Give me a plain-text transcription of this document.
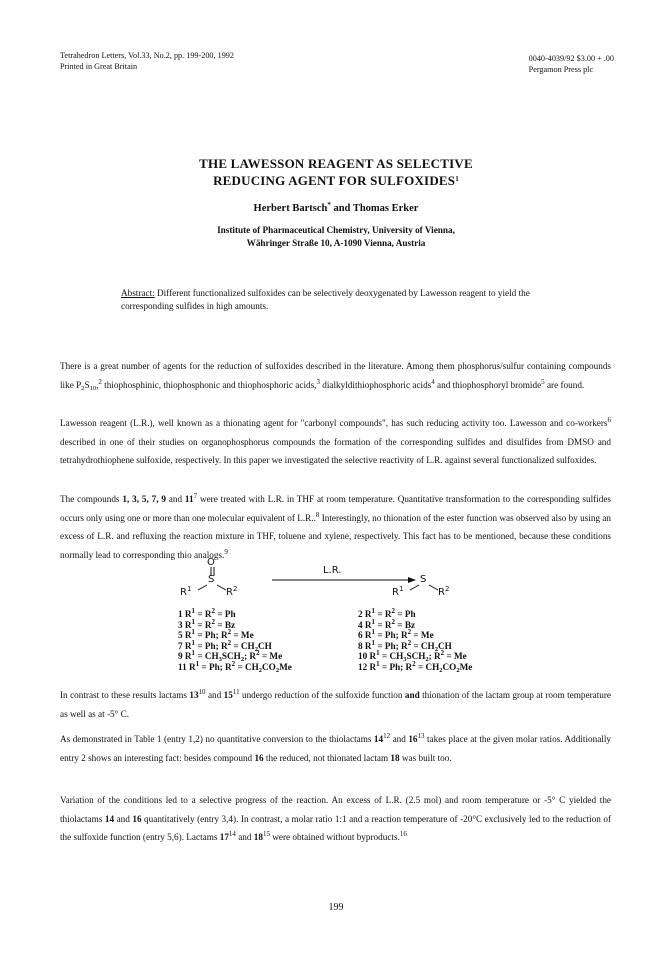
Tetrahedron Letters, Vol.33, No.2, pp. 199-200, 1992
Printed in Great Britain
0040-4039/92 $3.00 + .00
Pergamon Press plc
THE LAWESSON REAGENT AS SELECTIVE
REDUCING AGENT FOR SULFOXIDES$^1$
Herbert Bartsch* and Thomas Erker
Institute of Pharmaceutical Chemistry, University of Vienna,
Währinger Straße 10, A-1090 Vienna, Austria
Abstract: Different functionalized sulfoxides can be selectively deoxygenated by Lawesson reagent to yield the corresponding sulfides in high amounts.

There is a great number of agents for the reduction of sulfoxides described in the literature. Among them phosphorus/sulfur containing compounds like $P_2S_{10},^2$ thiophosphinic, thiophosphonic and thiophosphoric acids,$^3$ dialkyldithiophosphoric acids$^4$ and thiophosphoryl bromide$^5$ are found.

Lawesson reagent (L.R.), well known as a thionating agent for "carbonyl compounds", has such reducing activity too. Lawesson and co-workers$^6$ described in one of their studies on organophosphorus compounds the formation of the corresponding sulfides and disulfides from DMSO and tetrahydrothiophene sulfoxide, respectively. In this paper we investigated the selective reactivity of L.R. against several functionalized sulfoxides.

The compounds 1, 3, 5, 7, 9 and $11^7$ were treated with L.R. in THF at room temperature. Quantitative transformation to the corresponding sulfides occurs only using one or more than one molecular equivalent of L.R..$^8$ Interestingly, no thionation of the ester function was observed also by using an excess of L.R. and refluxing the reaction mixture in THF, toluene and xylene, respectively. This fact has to be mentioned, because these conditions normally lead to corresponding thio analogs.$^9$

O
S
$R^1$	$R^2$
L.R.
S
$R^1$	$R^2$
1 $R^1 = R^2 = Ph$
3 $R^1 = R^2 = Bz$
5 $R^1 = Ph$; $R^2 = Me$
7 $R^1 = Ph$; $R^2 = CH_2CH$
9 $R^1 = CH_3SCH_2$; $R^2 = Me$
11 $R^1 = Ph$; $R^2 = CH_2CO_2Me$
2 $R^1 = R^2 = Ph$
4 $R^1 = R^2 = Bz$
6 $R^1 = Ph$; $R^2 = Me$
8 $R^1 = Ph$; $R^2 = CH_2CH$
10 $R^1 = CH_3SCH_2$; $R^2 = Me$
12 $R^1 = Ph$; $R^2 = CH_2CO_2Me$

In contrast to these results lactams $13^{10}$ and $15^{11}$ undergo reduction of the sulfoxide function and thionation of the lactam group at room temperature as well as at -5° C.

As demonstrated in Table 1 (entry 1,2) no quantitative conversion to the thiolactams $14^{12}$ and $16^{13}$ takes place at the given molar ratios. Additionally entry 2 shows an interesting fact: besides compound 16 the reduced, not thionated lactam 18 was built too.

Variation of the conditions led to a selective progress of the reaction. An excess of L.R. (2.5 mol) and room temperature or -5° C yielded the thiolactams 14 and 16 quantitatively (entry 3,4). In contrast, a molar ratio 1:1 and a reaction temperature of -20°C exclusively led to the reduction of the sulfoxide function (entry 5,6). Lactams $17^{14}$ and $18^{15}$ were obtained without byproducts.$^{16}$

199
